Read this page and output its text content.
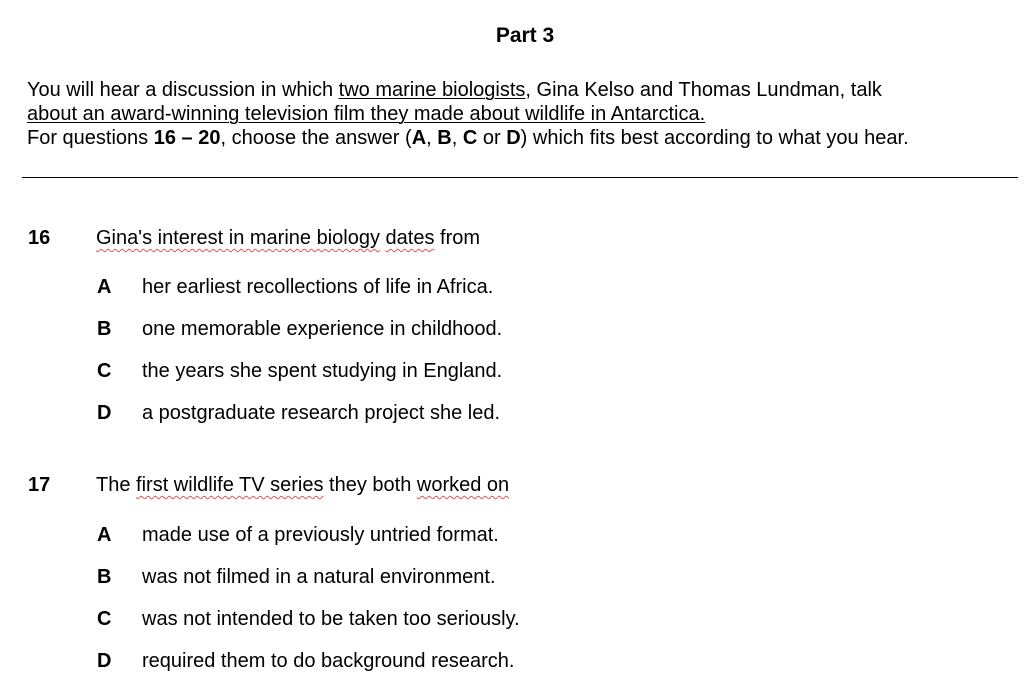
Part 3
You will hear a discussion in which two marine biologists, Gina Kelso and Thomas Lundman, talk
about an award-winning television film they made about wildlife in Antarctica.
For questions 16 – 20, choose the answer (A, B, C or D) which fits best according to what you hear.
16 Gina's interest in marine biology dates from
A her earliest recollections of life in Africa.
B one memorable experience in childhood.
C the years she spent studying in England.
D a postgraduate research project she led.
17 The first wildlife TV series they both worked on
A made use of a previously untried format.
B was not filmed in a natural environment.
C was not intended to be taken too seriously.
D required them to do background research.
